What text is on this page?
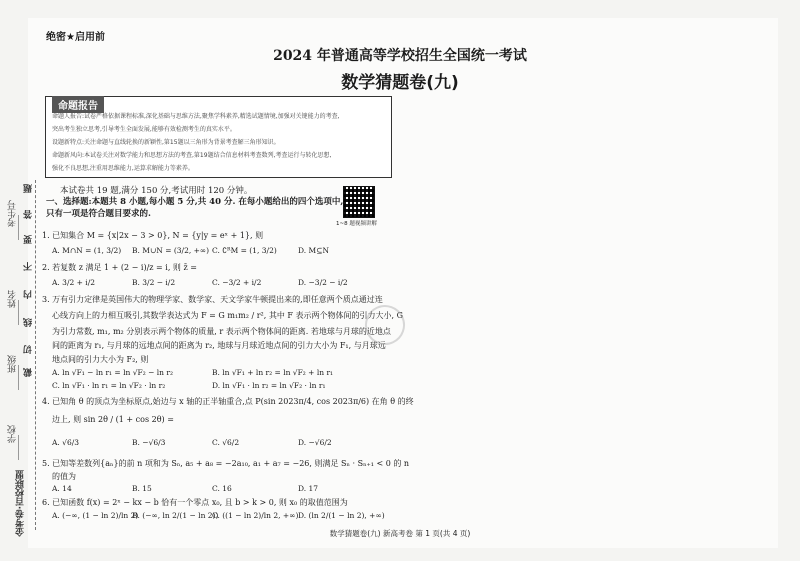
绝密★启用前
2024 年普通高等学校招生全国统一考试
数学猜题卷(九)
命题报告
命题人报告:试卷严格依据课程标准,深化基础与思维方法,聚焦学科素养,精选试题情境,加强对关键能力的考查,
突出考生独立思考,引导考生全面发展,能够有效检测考生的真实水平。
设题新特点:关注命题与直线轮换的新颖性,第15题以三角形为背景考查解三角形知识。
命题新风向:本试卷关注对数学能力和思想方法的考查,第19题结合信息材料考查数列,考查运行与转化思想,
强化不良思想,注重用思维能力,运算求解能力等素养。
本试卷共 19 题,满分 150 分,考试用时 120 分钟。
一、选择题:本题共 8 小题,每小题 5 分,共 40 分. 在每小题给出的四个选项中,只有一项是符合题目要求的.
1~8 题视频讲解
1. 已知集合 M = {x|2x − 3 > 0}, N = {y|y = eˣ + 1}, 则
A. M∩N = (1, 3/2) B. M∪N = (3/2, +∞) C. ∁ᴿM = (1, 3/2)	D. M⊆N
2. 若复数 z 满足 1 + (2 − i)/z = i, 则 z̄ =
A. 3/2 + i/2	B. 3/2 − i/2	C. −3/2 + i/2	D. −3/2 − i/2
3. 万有引力定律是英国伟大的物理学家、数学家、天文学家牛顿提出来的,即任意两个质点通过连
心线方向上的力相互吸引,其数学表达式为 F = G m₁m₂ / r², 其中 F 表示两个物体间的引力大小, G
为引力常数, m₁, m₂ 分别表示两个物体的质量, r 表示两个物体间的距离. 若地球与月球的近地点
间的距离为 r₁, 与月球的远地点间的距离为 r₂, 地球与月球近地点间的引力大小为 F₁, 与月球远
地点间的引力大小为 F₂, 则
A. ln √F₁ − ln r₁ = ln √F₂ − ln r₂	B. ln √F₁ + ln r₂ = ln √F₂ + ln r₁
C. ln √F₁ · ln r₁ = ln √F₂ · ln r₂	D. ln √F₁ · ln r₂ = ln √F₂ · ln r₁
4. 已知角 θ 的顶点为坐标原点,始边与 x 轴的正半轴重合,点 P(sin 2023π/4, cos 2023π/6) 在角 θ 的终
边上, 则 sin 2θ / (1 + cos 2θ) =
A. √6/3	B. −√6/3	C. √6/2	D. −√6/2
5. 已知等差数列{aₙ}的前 n 项和为 Sₙ, a₅ + a₈ = −2a₁₀, a₁ + a₇ = −26, 则满足 Sₙ · Sₙ₊₁ < 0 的 n
的值为
A. 14	B. 15	C. 16	D. 17
6. 已知函数 f(x) = 2ˣ − kx − b 恰有一个零点 x₀, 且 b > k > 0, 则 x₀ 的取值范围为
A. (−∞, (1 − ln 2)/ln 2)
B. (−∞, ln 2/(1 − ln 2))
C. ((1 − ln 2)/ln 2, +∞) D. (ln 2/(1 − ln 2), +∞)
考生号
姓名
班级
学校
金考卷·百校联盟
题
答
要
不
内
线
切
截
数学猜题卷(九) 新高考卷 第 1 页(共 4 页)
